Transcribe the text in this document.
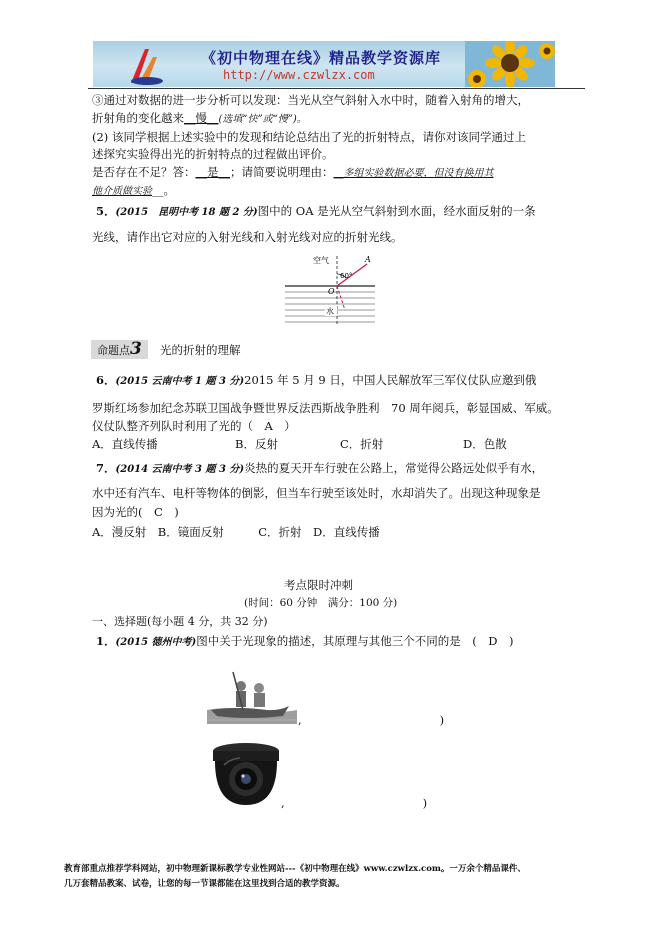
《初中物理在线》精品教学资源库
http://www.czwlzx.com
③通过对数据的进一步分析可以发现：当光从空气斜射入水中时，随着入射角的增大，
折射角的变化越来__慢__(选填“快”或“慢”)。
(2) 该同学根据上述实验中的发现和结论总结出了光的折射特点，请你对该同学通过上
述探究实验得出光的折射特点的过程做出评价。
是否存在不足？答：__是__；请简要说明理由：__多组实验数据必要，但没有换用其
他介质做实验__。
5．(2015　昆明中考 18 题 2 分)图中的 OA 是光从空气斜射到水面，经水面反射的一条
光线，请作出它对应的入射光线和入射光线对应的折射光线。
空气
60°
A
O
水
命题点3	光的折射的理解
6．(2015 云南中考 1 题 3 分)2015 年 5 月 9 日，中国人民解放军三军仪仗队应邀到俄
罗斯红场参加纪念苏联卫国战争暨世界反法西斯战争胜利　70 周年阅兵，彰显国威、军威。
仪仗队整齐列队时利用了光的（　A　）
A．直线传播	B．反射	C．折射	D．色散
7．(2014 云南中考 3 题 3 分)炎热的夏天开车行驶在公路上，常觉得公路远处似乎有水，
水中还有汽车、电杆等物体的倒影，但当车行驶至该处时，水却消失了。出现这种现象是
因为光的(　C　)
A．漫反射　B．镜面反射　　　C．折射　D．直线传播
考点限时冲刺
(时间：60 分钟　满分：100 分)
一、选择题(每小题 4 分，共 32 分)
1．(2015 德州中考)图中关于光现象的描述，其原理与其他三个不同的是　(　D　)
,　　　　　　　　　　　　)
,　　　　　　　　　　　　)
教育部重点推荐学科网站，初中物理新课标教学专业性网站---《初中物理在线》www.czwlzx.com。一万余个精品课件、
几万套精品教案、试卷，让您的每一节课都能在这里找到合适的教学资源。
